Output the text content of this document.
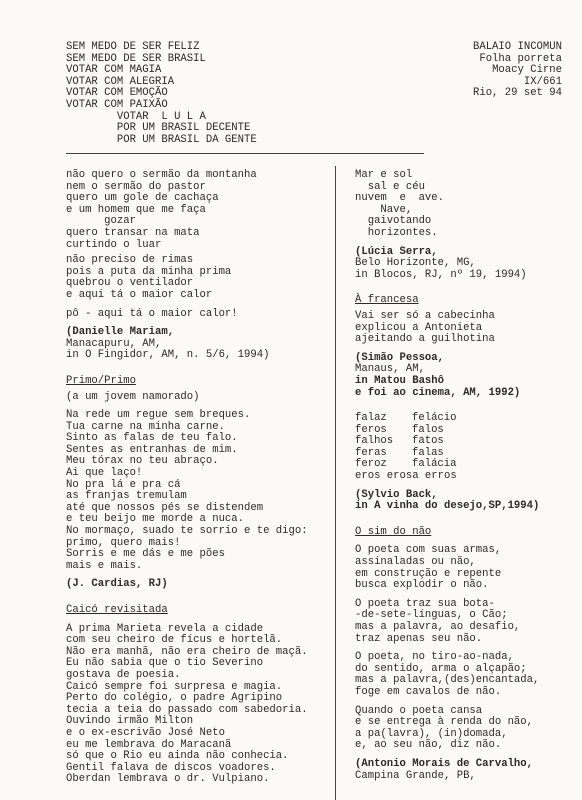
SEM MEDO DE SER FELIZ
SEM MEDO DE SER BRASIL
VOTAR COM MAGIA
VOTAR COM ALEGRIA
VOTAR COM EMOÇÃO
VOTAR COM PAIXÃO
VOTAR  L U L A
POR UM BRASIL DECENTE
POR UM BRASIL DA GENTE
BALAIO INCOMUN
Folha porreta
Moacy Cirne
IX/661
Rio, 29 set 94
não quero o sermão da montanha
nem o sermão do pastor
quero um gole de cachaça
e um homem que me faça
gozar
quero transar na mata
curtindo o luar
não preciso de rimas
pois a puta da minha prima
quebrou o ventilador
e aqui tá o maior calor
pô - aqui tá o maior calor!
(Danielle Mariam,
Manacapuru, AM,
in O Fingidor, AM, n. 5/6, 1994)
Primo/Primo
(a um jovem namorado)
Na rede um regue sem breques.
Tua carne na minha carne.
Sinto as falas de teu falo.
Sentes as entranhas de mim.
Meu tórax no teu abraço.
Ai que laço!
No pra lá e pra cá
as franjas tremulam
até que nossos pés se distendem
e teu beijo me morde a nuca.
No mormaço, suado te sorrio e te digo:
primo, quero mais!
Sorris e me dás e me pões
mais e mais.
(J. Cardias, RJ)
Caicó revisitada
A prima Marieta revela a cidade
com seu cheiro de fícus e hortelã.
Não era manhã, não era cheiro de maçã.
Eu não sabia que o tio Severino
gostava de poesia.
Caicó sempre foi surpresa e magia.
Perto do colégio, o padre Agripino
tecia a teia do passado com sabedoria.
Ouvindo irmão Milton
e o ex-escrivão José Neto
eu me lembrava do Maracanã
só que o Rio eu ainda não conhecia.
Gentil falava de discos voadores.
Oberdan lembrava o dr. Vulpiano.
Mar e sol
sal e céu
nuvem  e  ave.
Nave,
gaivotando
horizontes.
(Lúcia Serra,
Belo Horizonte, MG,
in Blocos, RJ, nº 19, 1994)
À francesa
Vai ser só a cabecinha
explicou a Antonieta
ajeitando a guilhotina
(Simão Pessoa,
Manaus, AM,
in Matou Bashô
e foi ao cinema, AM, 1992)
falaz
feros
falhos
feras
feroz
felácio
falos
fatos
falas
falácia
eros erosa erros
(Sylvio Back,
in A vinha do desejo,SP,1994)
O sim do não
O poeta com suas armas,
assinaladas ou não,
em construção e repente
busca explodir o não.
O poeta traz sua bota-
-de-sete-línguas, o Cão;
mas a palavra, ao desafio,
traz apenas seu não.
O poeta, no tiro-ao-nada,
do sentido, arma o alçapão;
mas a palavra,(des)encantada,
foge em cavalos de não.
Quando o poeta cansa
e se entrega à renda do não,
a pa(lavra), (in)domada,
e, ao seu não, diz não.
(Antonio Morais de Carvalho,
Campina Grande, PB,
